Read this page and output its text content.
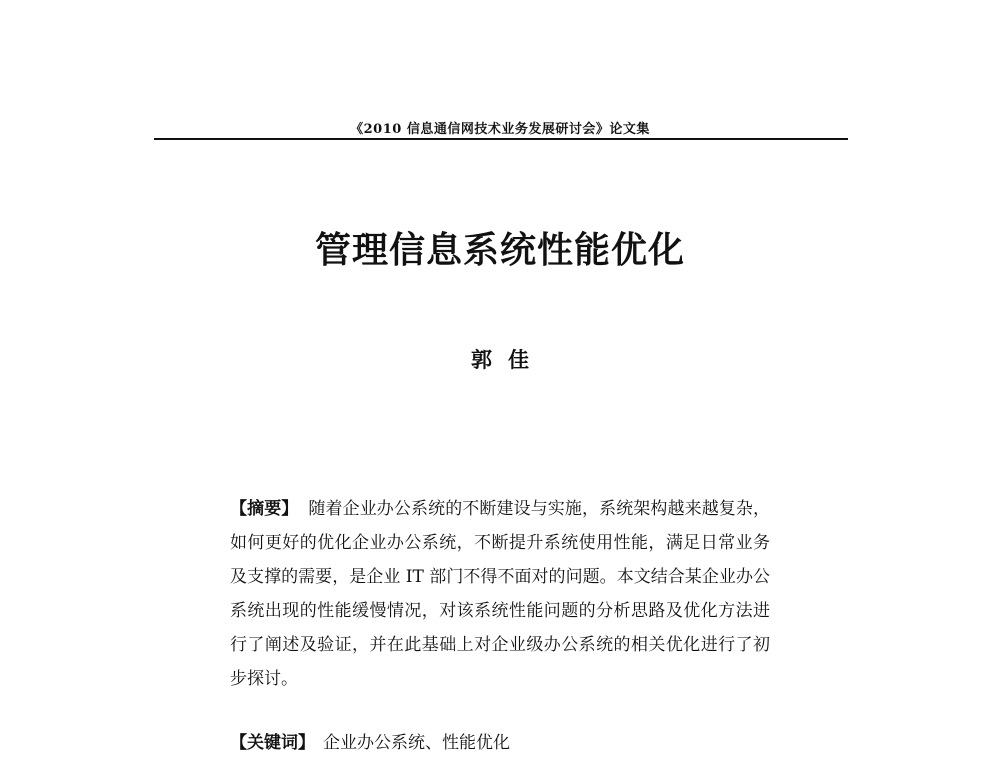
《2010 信息通信网技术业务发展研讨会》论文集
管理信息系统性能优化
郭佳
【摘要】 随着企业办公系统的不断建设与实施，系统架构越来越复杂，如何更好的优化企业办公系统，不断提升系统使用性能，满足日常业务及支撑的需要，是企业 IT 部门不得不面对的问题。本文结合某企业办公系统出现的性能缓慢情况，对该系统性能问题的分析思路及优化方法进行了阐述及验证，并在此基础上对企业级办公系统的相关优化进行了初步探讨。
【关键词】 企业办公系统、性能优化
